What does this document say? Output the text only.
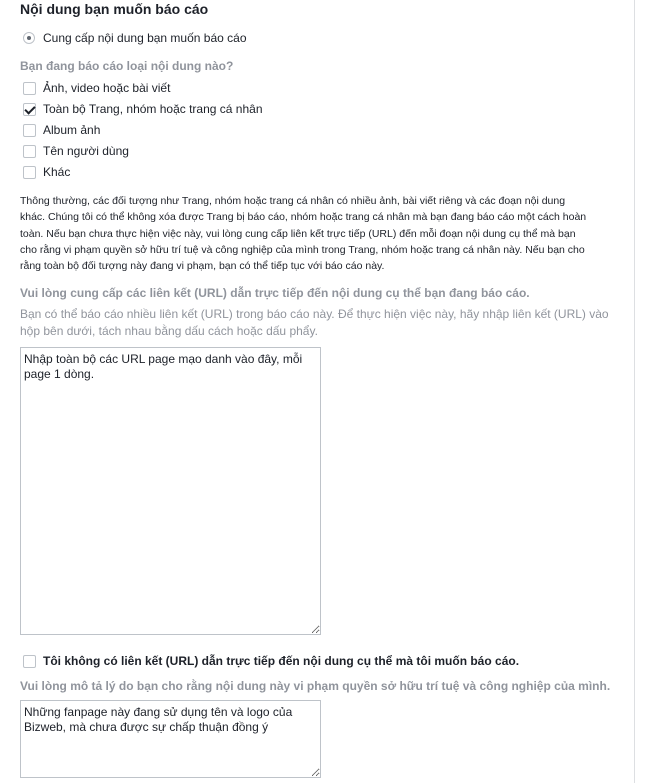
Nội dung bạn muốn báo cáo
Cung cấp nội dung bạn muốn báo cáo
Bạn đang báo cáo loại nội dung nào?
Ảnh, video hoặc bài viết
Toàn bộ Trang, nhóm hoặc trang cá nhân
Album ảnh
Tên người dùng
Khác
Thông thường, các đối tượng như Trang, nhóm hoặc trang cá nhân có nhiều ảnh, bài viết riêng và các đoạn nội dung
khác. Chúng tôi có thể không xóa được Trang bị báo cáo, nhóm hoặc trang cá nhân mà bạn đang báo cáo một cách hoàn
toàn. Nếu bạn chưa thực hiện việc này, vui lòng cung cấp liên kết trực tiếp (URL) đến mỗi đoạn nội dung cụ thể mà bạn
cho rằng vi phạm quyền sở hữu trí tuệ và công nghiệp của mình trong Trang, nhóm hoặc trang cá nhân này. Nếu bạn cho
rằng toàn bộ đối tượng này đang vi phạm, bạn có thể tiếp tục với báo cáo này.
Vui lòng cung cấp các liên kết (URL) dẫn trực tiếp đến nội dung cụ thể bạn đang báo cáo.
Bạn có thể báo cáo nhiều liên kết (URL) trong báo cáo này. Để thực hiện việc này, hãy nhập liên kết (URL) vào
hộp bên dưới, tách nhau bằng dấu cách hoặc dấu phẩy.
Nhập toàn bộ các URL page mạo danh vào đây, mỗi page 1 dòng.
Tôi không có liên kết (URL) dẫn trực tiếp đến nội dung cụ thể mà tôi muốn báo cáo.
Vui lòng mô tả lý do bạn cho rằng nội dung này vi phạm quyền sở hữu trí tuệ và công nghiệp của mình.
Những fanpage này đang sử dụng tên và logo của Bizweb, mà chưa được sự chấp thuận đồng ý
